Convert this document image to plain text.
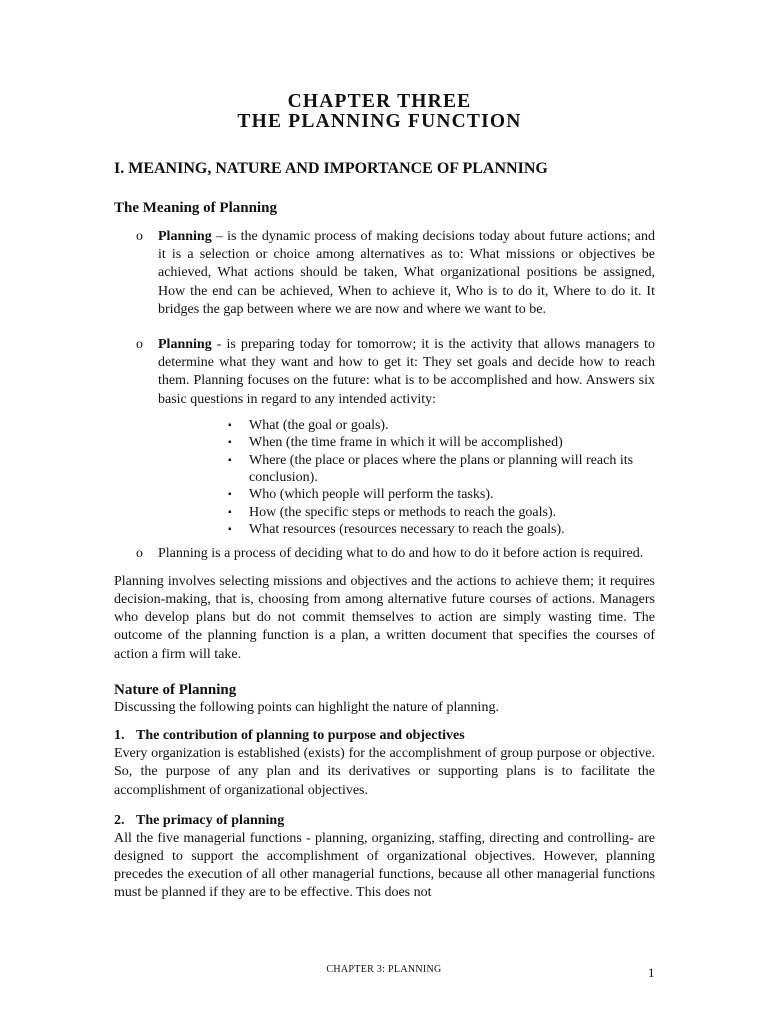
CHAPTER THREE
THE PLANNING FUNCTION
I. MEANING, NATURE AND IMPORTANCE OF PLANNING
The Meaning of Planning
o Planning – is the dynamic process of making decisions today about future actions; and it is a selection or choice among alternatives as to: What missions or objectives be achieved, What actions should be taken, What organizational positions be assigned, How the end can be achieved, When to achieve it, Who is to do it, Where to do it. It bridges the gap between where we are now and where we want to be.
o Planning - is preparing today for tomorrow; it is the activity that allows managers to determine what they want and how to get it: They set goals and decide how to reach them. Planning focuses on the future: what is to be accomplished and how. Answers six basic questions in regard to any intended activity:
▪ What (the goal or goals).
▪ When (the time frame in which it will be accomplished)
▪ Where (the place or places where the plans or planning will reach its conclusion).
▪ Who (which people will perform the tasks).
▪ How (the specific steps or methods to reach the goals).
▪ What resources (resources necessary to reach the goals).
o Planning is a process of deciding what to do and how to do it before action is required.

Planning involves selecting missions and objectives and the actions to achieve them; it requires decision-making, that is, choosing from among alternative future courses of actions. Managers who develop plans but do not commit themselves to action are simply wasting time. The outcome of the planning function is a plan, a written document that specifies the courses of action a firm will take.

Nature of Planning

Discussing the following points can highlight the nature of planning.

1. The contribution of planning to purpose and objectives

Every organization is established (exists) for the accomplishment of group purpose or objective. So, the purpose of any plan and its derivatives or supporting plans is to facilitate the accomplishment of organizational objectives.

2. The primacy of planning

All the five managerial functions - planning, organizing, staffing, directing and controlling- are designed to support the accomplishment of organizational objectives. However, planning precedes the execution of all other managerial functions, because all other managerial functions must be planned if they are to be effective. This does not

CHAPTER 3: PLANNING	1
